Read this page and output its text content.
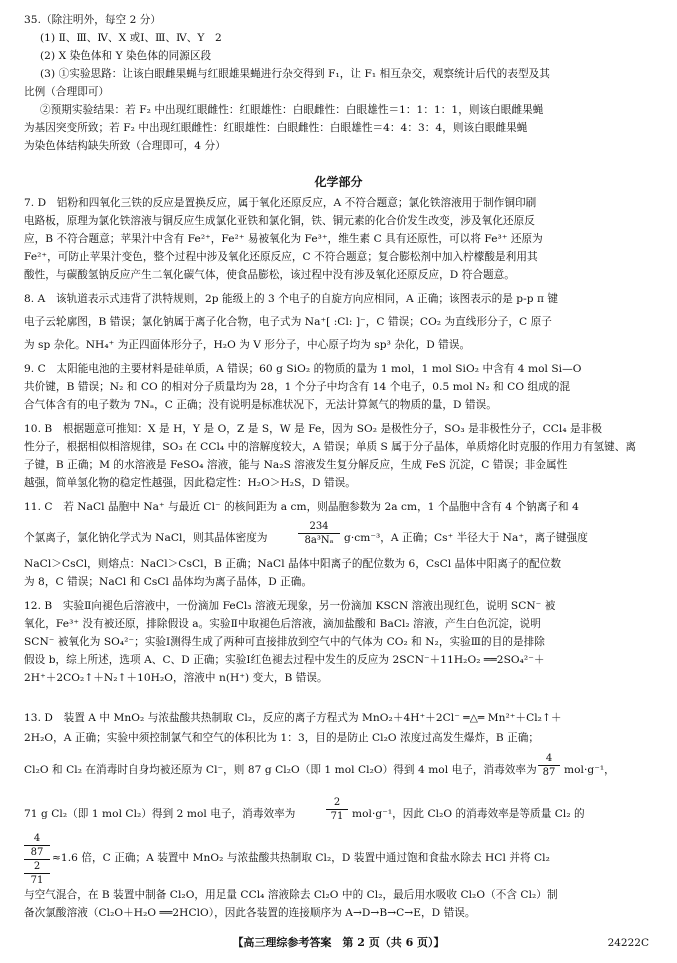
35.（除注明外，每空 2 分）
(1) Ⅱ、Ⅲ、Ⅳ、X 或Ⅰ、Ⅲ、Ⅳ、Y　2
(2) X 染色体和 Y 染色体的同源区段
(3) ①实验思路：让该白眼雌果蝇与红眼雄果蝇进行杂交得到 F₁，让 F₁ 相互杂交，观察统计后代的表型及其
比例（合理即可）
②预期实验结果：若 F₂ 中出现红眼雌性：红眼雄性：白眼雌性：白眼雄性＝1：1：1：1，则该白眼雌果蝇
为基因突变所致；若 F₂ 中出现红眼雌性：红眼雄性：白眼雌性：白眼雄性＝4：4：3：4，则该白眼雌果蝇
为染色体结构缺失所致（合理即可，4 分）
化学部分
7. D　铝粉和四氧化三铁的反应是置换反应，属于氧化还原反应，A 不符合题意；氯化铁溶液用于制作铜印刷
电路板，原理为氯化铁溶液与铜反应生成氯化亚铁和氯化铜，铁、铜元素的化合价发生改变，涉及氧化还原反
应，B 不符合题意；苹果汁中含有 Fe²⁺，Fe²⁺ 易被氧化为 Fe³⁺，维生素 C 具有还原性，可以将 Fe³⁺ 还原为
Fe²⁺，可防止苹果汁变色，整个过程中涉及氧化还原反应，C 不符合题意；复合膨松剂中加入柠檬酸是利用其
酸性，与碳酸氢钠反应产生二氧化碳气体，使食品膨松，该过程中没有涉及氧化还原反应，D 符合题意。
8. A　该轨道表示式违背了洪特规则，2p 能级上的 3 个电子的自旋方向应相同，A 正确；该图表示的是 p-p π 键
电子云轮廓图，B 错误；氯化钠属于离子化合物，电子式为 Na⁺[ :Cl: ]⁻，C 错误；CO₂ 为直线形分子，C 原子
为 sp 杂化。NH₄⁺ 为正四面体形分子，H₂O 为 V 形分子，中心原子均为 sp³ 杂化，D 错误。
9. C　太阳能电池的主要材料是硅单质，A 错误；60 g SiO₂ 的物质的量为 1 mol，1 mol SiO₂ 中含有 4 mol Si—O
共价键，B 错误；N₂ 和 CO 的相对分子质量均为 28，1 个分子中均含有 14 个电子，0.5 mol N₂ 和 CO 组成的混
合气体含有的电子数为 7Nₐ，C 正确；没有说明是标准状况下，无法计算氮气的物质的量，D 错误。
10. B　根据题意可推知：X 是 H，Y 是 O，Z 是 S，W 是 Fe，因为 SO₂ 是极性分子，SO₃ 是非极性分子，CCl₄ 是非极
性分子，根据相似相溶规律，SO₃ 在 CCl₄ 中的溶解度较大，A 错误；单质 S 属于分子晶体，单质熔化时克服的作用力有氢键、离
子键，B 正确；M 的水溶液是 FeSO₄ 溶液，能与 Na₂S 溶液发生复分解反应，生成 FeS 沉淀，C 错误；非金属性
越强，简单氢化物的稳定性越强，因此稳定性：H₂O＞H₂S，D 错误。
11. C　若 NaCl 晶胞中 Na⁺ 与最近 Cl⁻ 的核间距为 a cm，则晶胞参数为 2a cm，1 个晶胞中含有 4 个钠离子和 4
个氯离子，氯化钠化学式为 NaCl，则其晶体密度为
234
8a³Nₐ g·cm⁻³，A 正确；Cs⁺ 半径大于 Na⁺，离子键强度
NaCl＞CsCl，则熔点：NaCl＞CsCl，B 正确；NaCl 晶体中阳离子的配位数为 6，CsCl 晶体中阳离子的配位数
为 8，C 错误；NaCl 和 CsCl 晶体均为离子晶体，D 正确。
12. B　实验Ⅱ向褪色后溶液中，一份滴加 FeCl₃ 溶液无现象，另一份滴加 KSCN 溶液出现红色，说明 SCN⁻ 被
氧化，Fe³⁺ 没有被还原，排除假设 a。实验Ⅱ中取褪色后溶液，滴加盐酸和 BaCl₂ 溶液，产生白色沉淀，说明
SCN⁻ 被氧化为 SO₄²⁻；实验Ⅰ测得生成了两种可直接排放到空气中的气体为 CO₂ 和 N₂，实验Ⅲ的目的是排除
假设 b，综上所述，选项 A、C、D 正确；实验Ⅰ红色褪去过程中发生的反应为 2SCN⁻＋11H₂O₂ ══2SO₄²⁻＋
2H⁺＋2CO₂↑＋N₂↑＋10H₂O，溶液中 n(H⁺) 变大，B 错误。
13. D　装置 A 中 MnO₂ 与浓盐酸共热制取 Cl₂，反应的离子方程式为 MnO₂＋4H⁺＋2Cl⁻ ═△═ Mn²⁺＋Cl₂↑＋
2H₂O，A 正确；实验中须控制氯气和空气的体积比为 1：3，目的是防止 Cl₂O 浓度过高发生爆炸，B 正确；
Cl₂O 和 Cl₂ 在消毒时自身均被还原为 Cl⁻，则 87 g Cl₂O（即 1 mol Cl₂O）得到 4 mol 电子，消毒效率为
4
87 mol·g⁻¹，
71 g Cl₂（即 1 mol Cl₂）得到 2 mol 电子，消毒效率为
2
71 mol·g⁻¹，因此 Cl₂O 的消毒效率是等质量 Cl₂ 的
4
87
2
71
≈1.6 倍，C 正确；A 装置中 MnO₂ 与浓盐酸共热制取 Cl₂，D 装置中通过饱和食盐水除去 HCl 并将 Cl₂
与空气混合，在 B 装置中制备 Cl₂O，用足量 CCl₄ 溶液除去 Cl₂O 中的 Cl₂，最后用水吸收 Cl₂O（不含 Cl₂）制
备次氯酸溶液（Cl₂O＋H₂O ══2HClO），因此各装置的连接顺序为 A→D→B→C→E，D 错误。
【高三理综参考答案　第 2 页（共 6 页）】	24222C
